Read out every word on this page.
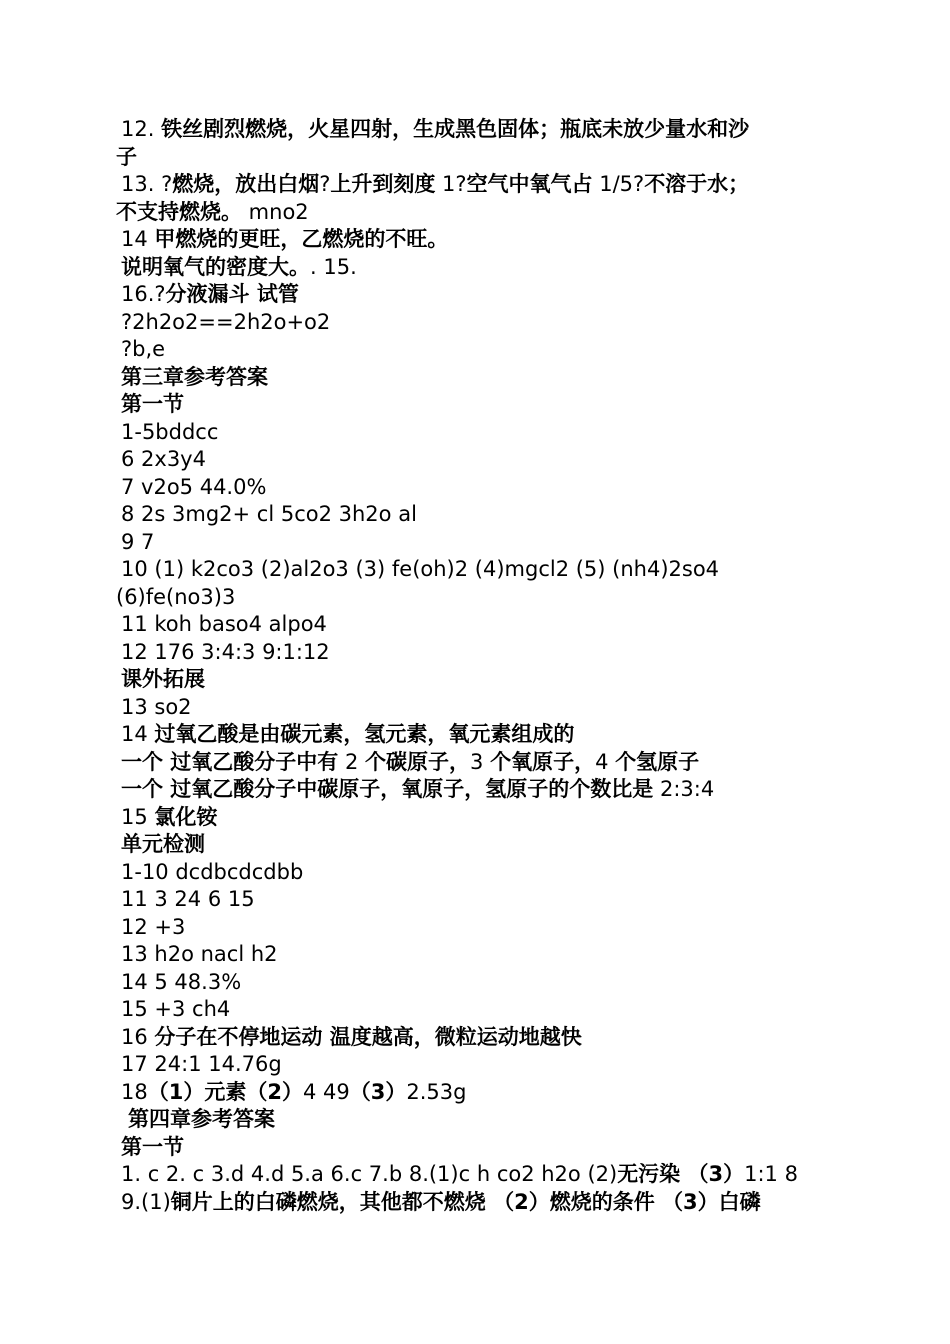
12. 铁丝剧烈燃烧，火星四射，生成黑色固体；瓶底未放少量水和沙
子
13. ?燃烧，放出白烟?上升到刻度 1?空气中氧气占 1/5?不溶于水；
不支持燃烧。 mno2
14 甲燃烧的更旺，乙燃烧的不旺。
说明氧气的密度大。. 15.
16.?分液漏斗 试管
?2h2o2==2h2o+o2
?b,e
第三章参考答案
第一节
1-5bddcc
6 2x3y4
7 v2o5 44.0%
8 2s 3mg2+ cl 5co2 3h2o al
9 7
10 (1) k2co3 (2)al2o3 (3) fe(oh)2 (4)mgcl2 (5) (nh4)2so4
(6)fe(no3)3
11 koh baso4 alpo4
12 176 3:4:3 9:1:12
课外拓展
13 so2
14 过氧乙酸是由碳元素，氢元素，氧元素组成的
一个 过氧乙酸分子中有 2 个碳原子，3 个氧原子，4 个氢原子
一个 过氧乙酸分子中碳原子，氧原子，氢原子的个数比是 2:3:4
15 氯化铵
单元检测
1-10 dcdbcdcdbb
11 3 24 6 15
12 +3
13 h2o nacl h2
14 5 48.3%
15 +3 ch4
16 分子在不停地运动 温度越高，微粒运动地越快
17 24:1 14.76g
18（1）元素（2）4 49（3）2.53g
第四章参考答案
第一节
1. c 2. c 3.d 4.d 5.a 6.c 7.b 8.(1)c h co2 h2o (2)无污染 （3）1:1 8
9.(1)铜片上的白磷燃烧，其他都不燃烧 （2）燃烧的条件 （3）白磷
